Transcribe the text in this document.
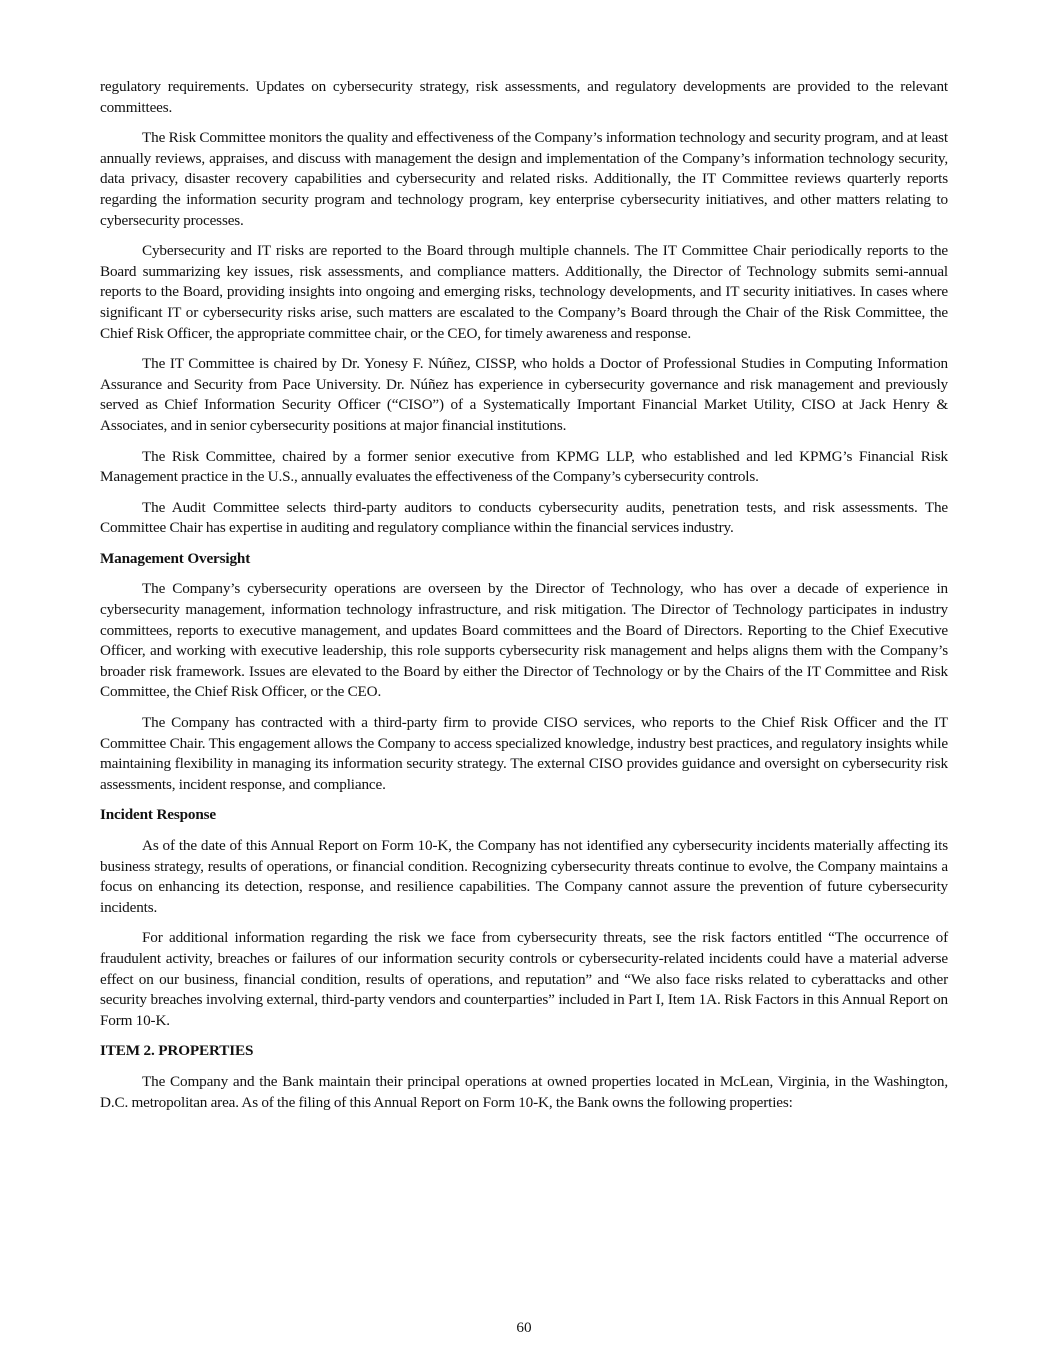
regulatory requirements. Updates on cybersecurity strategy, risk assessments, and regulatory developments are provided to the relevant committees.

The Risk Committee monitors the quality and effectiveness of the Company’s information technology and security program, and at least annually reviews, appraises, and discuss with management the design and implementation of the Company’s information technology security, data privacy, disaster recovery capabilities and cybersecurity and related risks. Additionally, the IT Committee reviews quarterly reports regarding the information security program and technology program, key enterprise cybersecurity initiatives, and other matters relating to cybersecurity processes.

Cybersecurity and IT risks are reported to the Board through multiple channels. The IT Committee Chair periodically reports to the Board summarizing key issues, risk assessments, and compliance matters. Additionally, the Director of Technology submits semi-annual reports to the Board, providing insights into ongoing and emerging risks, technology developments, and IT security initiatives. In cases where significant IT or cybersecurity risks arise, such matters are escalated to the Company’s Board through the Chair of the Risk Committee, the Chief Risk Officer, the appropriate committee chair, or the CEO, for timely awareness and response.

The IT Committee is chaired by Dr. Yonesy F. Núñez, CISSP, who holds a Doctor of Professional Studies in Computing Information Assurance and Security from Pace University. Dr. Núñez has experience in cybersecurity governance and risk management and previously served as Chief Information Security Officer (“CISO”) of a Systematically Important Financial Market Utility, CISO at Jack Henry & Associates, and in senior cybersecurity positions at major financial institutions.

The Risk Committee, chaired by a former senior executive from KPMG LLP, who established and led KPMG’s Financial Risk Management practice in the U.S., annually evaluates the effectiveness of the Company’s cybersecurity controls.

The Audit Committee selects third-party auditors to conducts cybersecurity audits, penetration tests, and risk assessments. The Committee Chair has expertise in auditing and regulatory compliance within the financial services industry.

Management Oversight

The Company’s cybersecurity operations are overseen by the Director of Technology, who has over a decade of experience in cybersecurity management, information technology infrastructure, and risk mitigation. The Director of Technology participates in industry committees, reports to executive management, and updates Board committees and the Board of Directors. Reporting to the Chief Executive Officer, and working with executive leadership, this role supports cybersecurity risk management and helps aligns them with the Company’s broader risk framework. Issues are elevated to the Board by either the Director of Technology or by the Chairs of the IT Committee and Risk Committee, the Chief Risk Officer, or the CEO.

The Company has contracted with a third-party firm to provide CISO services, who reports to the Chief Risk Officer and the IT Committee Chair. This engagement allows the Company to access specialized knowledge, industry best practices, and regulatory insights while maintaining flexibility in managing its information security strategy. The external CISO provides guidance and oversight on cybersecurity risk assessments, incident response, and compliance.

Incident Response

As of the date of this Annual Report on Form 10-K, the Company has not identified any cybersecurity incidents materially affecting its business strategy, results of operations, or financial condition. Recognizing cybersecurity threats continue to evolve, the Company maintains a focus on enhancing its detection, response, and resilience capabilities. The Company cannot assure the prevention of future cybersecurity incidents.

For additional information regarding the risk we face from cybersecurity threats, see the risk factors entitled “The occurrence of fraudulent activity, breaches or failures of our information security controls or cybersecurity-related incidents could have a material adverse effect on our business, financial condition, results of operations, and reputation” and “We also face risks related to cyberattacks and other security breaches involving external, third-party vendors and counterparties” included in Part I, Item 1A. Risk Factors in this Annual Report on Form 10-K.

ITEM 2. PROPERTIES

The Company and the Bank maintain their principal operations at owned properties located in McLean, Virginia, in the Washington, D.C. metropolitan area. As of the filing of this Annual Report on Form 10-K, the Bank owns the following properties:

60
